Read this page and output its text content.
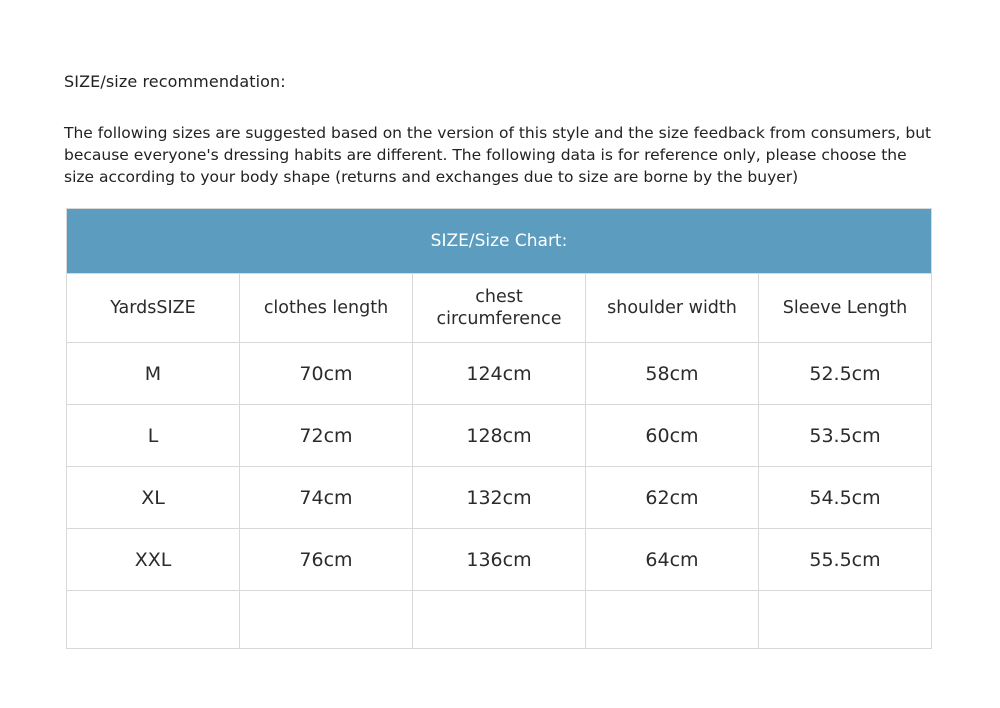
SIZE/size recommendation:

The following sizes are suggested based on the version of this style and the size feedback from consumers, but because everyone's dressing habits are different. The following data is for reference only, please choose the size according to your body shape (returns and exchanges due to size are borne by the buyer)

SIZE/Size Chart:				
YardsSIZE	clothes length	chest circumference	shoulder width	Sleeve Length
M	70cm	124cm	58cm	52.5cm
L	72cm	128cm	60cm	53.5cm
XL	74cm	132cm	62cm	54.5cm
XXL	76cm	136cm	64cm	55.5cm
